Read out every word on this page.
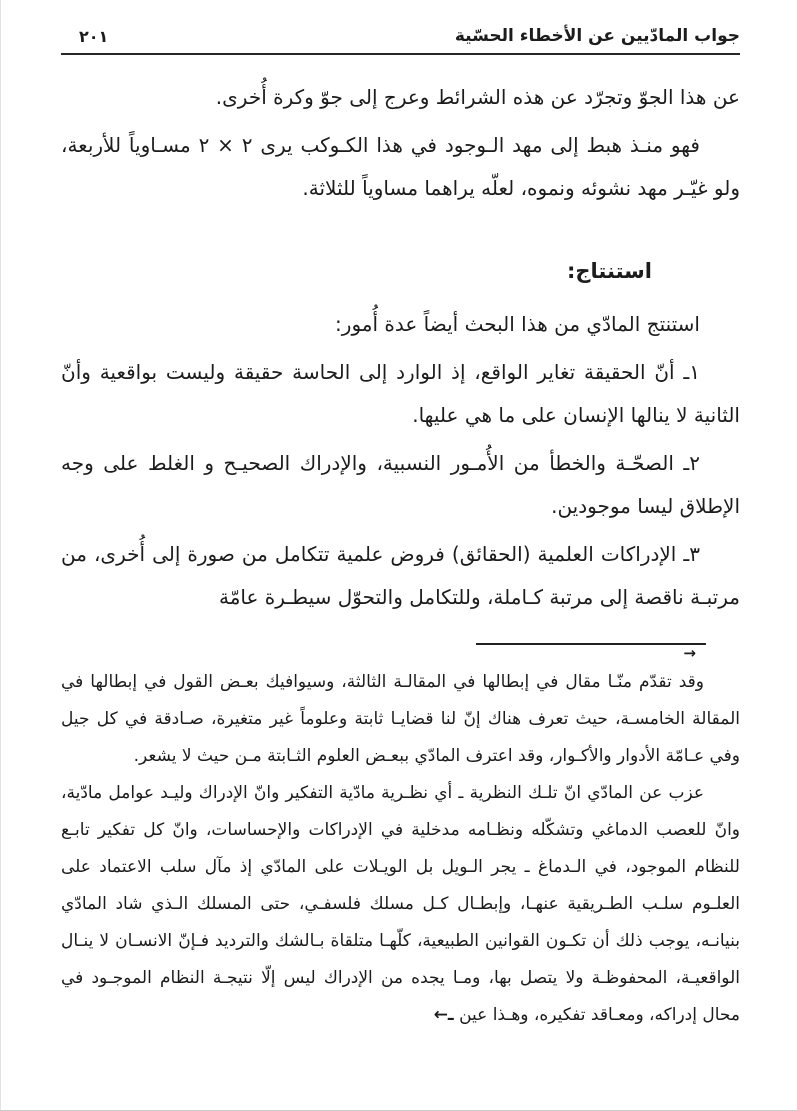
جواب المادّيين عن الأخطاء الحسّية
٢٠١

عن هذا الجوّ وتجرّد عن هذه الشرائط وعرج إلى جوّ وكرة أُخرى.

فهو منـذ هبط إلى مهد الـوجود في هذا الكـوكب يرى ٢ × ٢ مسـاوياً للأربعة، ولو غيّـر مهد نشوئه ونموه، لعلّه يراهما مساوياً للثلاثة.

استنتاج:

استنتج المادّي من هذا البحث أيضاً عدة أُمور:

١ـ أنّ الحقيقة تغاير الواقع، إذ الوارد إلى الحاسة حقيقة وليست بواقعية وأنّ الثانية لا ينالها الإنسان على ما هي عليها.

٢ـ الصحّـة والخطأ من الأُمـور النسبية، والإدراك الصحيـح و الغلط على وجه الإطلاق ليسا موجودين.

٣ـ الإدراكات العلمية (الحقائق) فروض علمية تتكامل من صورة إلى أُخرى، من مرتبـة ناقصة إلى مرتبة كـاملة، وللتكامل والتحوّل سيطـرة عامّة

→

وقد تقدّم منّـا مقال في إبطالها في المقالـة الثالثة، وسيوافيك بعـض القول في إبطالها في المقالة الخامسـة، حيث تعرف هناك إنّ لنا قضايـا ثابتة وعلوماً غير متغيرة، صـادقة في كل جيل وفي عـامّة الأدوار والأكـوار، وقد اعترف المادّي ببعـض العلوم الثـابتة مـن حيث لا يشعر.

عزب عن المادّي انّ تلـك النظرية ـ أي نظـرية مادّية التفكير وانّ الإدراك وليـد عوامل مادّية، وانّ للعصب الدماغي وتشكّله ونظـامه مدخلية في الإدراكات والإحساسات، وانّ كل تفكير تابـع للنظام الموجود، في الـدماغ ـ يجر الـويل بل الويـلات على المادّي إذ مآل سلب الاعتماد على العلـوم سلـب الطـريقية عنهـا، وإبطـال كـل مسلك فلسفـي، حتى المسلك الـذي شاد المادّي بنيانـه، يوجب ذلك أن تكـون القوانين الطبيعية، كلّهـا متلقاة بـالشك والترديد فـإنّ الانسـان لا ينـال الواقعيـة، المحفوظـة ولا يتصل بها، ومـا يجده من الإدراك ليس إلّا نتيجـة النظام الموجـود في محال إدراكه، ومعـاقد تفكيره، وهـذا عين ـ←
